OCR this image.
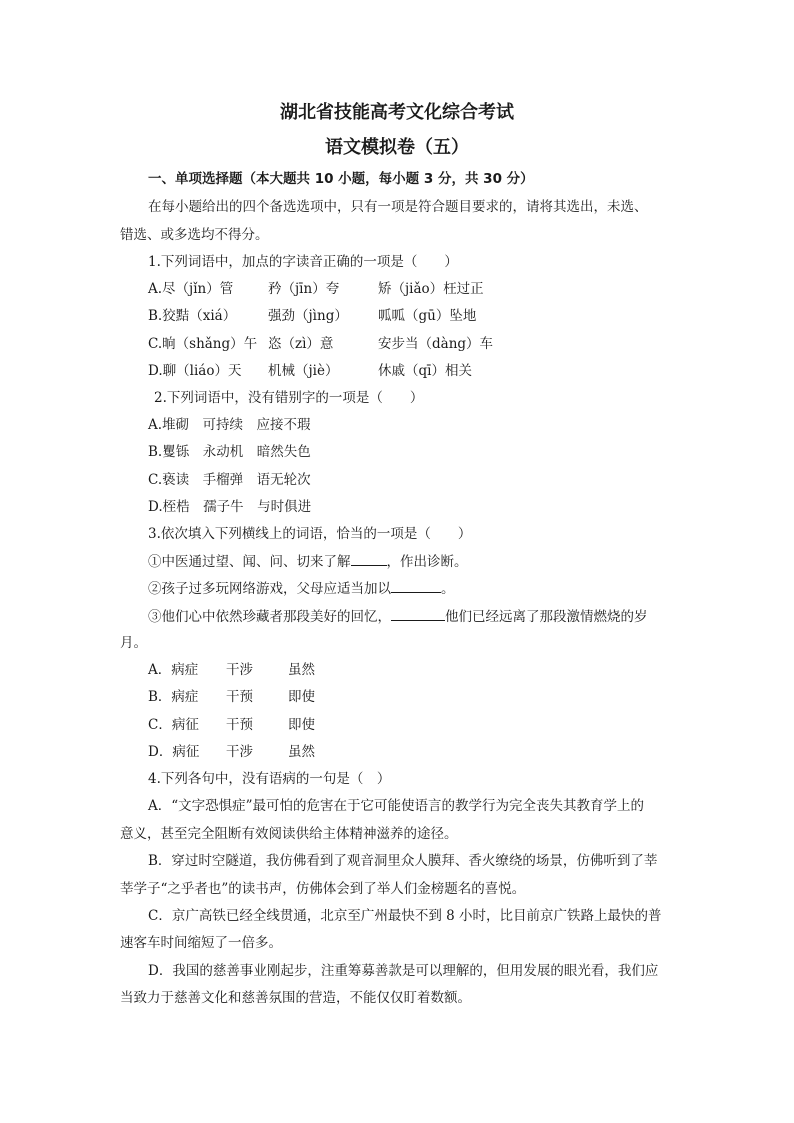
湖北省技能高考文化综合考试
语文模拟卷（五）
一、单项选择题（本大题共 10 小题，每小题 3 分，共 30 分）
在每小题给出的四个备选选项中，只有一项是符合题目要求的，请将其选出，未选、
错选、或多选均不得分。
1.下列词语中，加点的字读音正确的一项是（　　）
A.尽（jǐn）管	矜（jīn）夸	矫（jiǎo）枉过正
B.狡黠（xiá） 强劲（jìng） 呱呱（gū）坠地
C.晌（shǎng）午 恣（zì）意	安步当（dàng）车
D.聊（liáo）天 机械（jiè）	休戚（qī）相关
2.下列词语中，没有错别字的一项是（　　）
A.堆砌　可持续　应接不瑕
B.矍铄　永动机　暗然失色
C.亵读　手榴弹　语无轮次
D.桎梏　孺子牛　与时俱进
3.依次填入下列横线上的词语，恰当的一项是（　　）
①中医通过望、闻、问、切来了解	，作出诊断。
②孩子过多玩网络游戏，父母应适当加以	。
③他们心中依然珍藏者那段美好的回忆，	他们已经远离了那段激情燃烧的岁
月。
A．病症 干涉	虽然
B．病症 干预	即使
C．病征 干预	即使
D．病征 干涉	虽然
4.下列各句中，没有语病的一句是（　）
A．“文字恐惧症”最可怕的危害在于它可能使语言的教学行为完全丧失其教育学上的
意义，甚至完全阻断有效阅读供给主体精神滋养的途径。
B．穿过时空隧道，我仿佛看到了观音洞里众人膜拜、香火缭绕的场景，仿佛听到了莘
莘学子“之乎者也”的读书声，仿佛体会到了举人们金榜题名的喜悦。
C．京广高铁已经全线贯通，北京至广州最快不到 8 小时，比目前京广铁路上最快的普
速客车时间缩短了一倍多。
D．我国的慈善事业刚起步，注重筹募善款是可以理解的，但用发展的眼光看，我们应
当致力于慈善文化和慈善氛围的营造，不能仅仅盯着数额。
